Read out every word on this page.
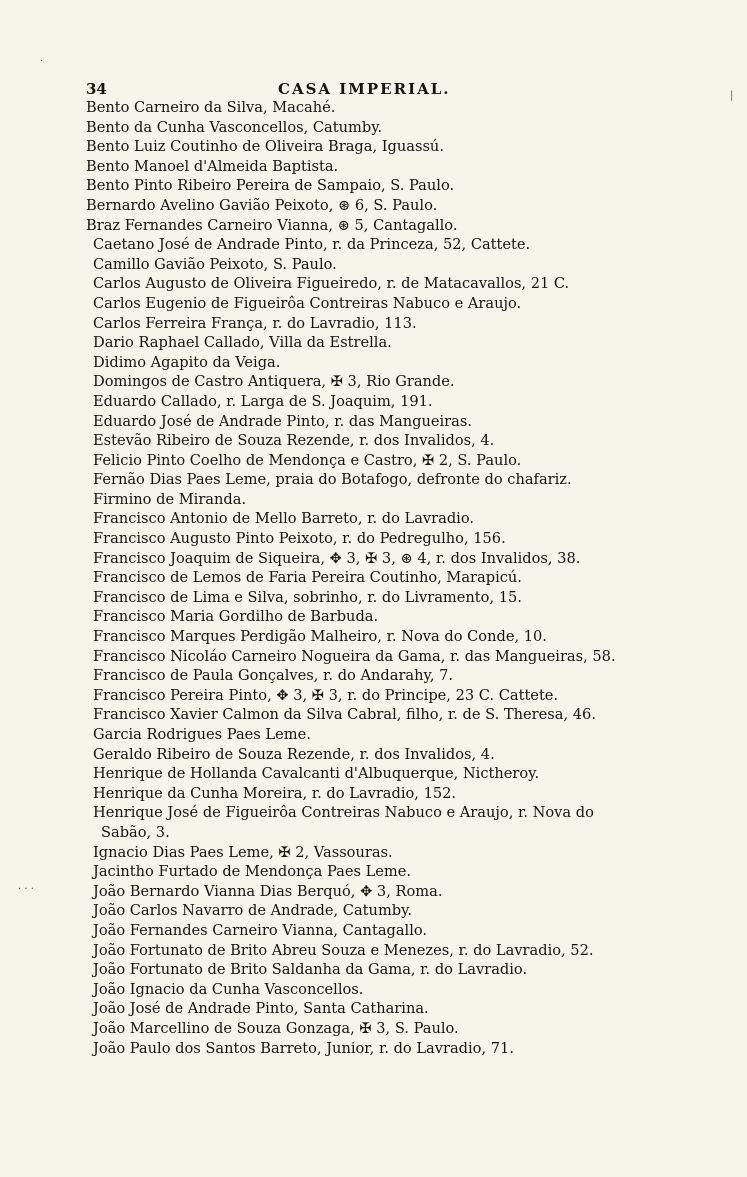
34	CASA IMPERIAL.
Bento Carneiro da Silva, Macahé.
Bento da Cunha Vasconcellos, Catumby.
Bento Luiz Coutinho de Oliveira Braga, Iguassú.
Bento Manoel d'Almeida Baptista.
Bento Pinto Ribeiro Pereira de Sampaio, S. Paulo.
Bernardo Avelino Gavião Peixoto, ⊛ 6, S. Paulo.
Braz Fernandes Carneiro Vianna, ⊛ 5, Cantagallo.
Caetano José de Andrade Pinto, r. da Princeza, 52, Cattete.
Camillo Gavião Peixoto, S. Paulo.
Carlos Augusto de Oliveira Figueiredo, r. de Matacavallos, 21 C.
Carlos Eugenio de Figueirôa Contreiras Nabuco e Araujo.
Carlos Ferreira França, r. do Lavradio, 113.
Dario Raphael Callado, Villa da Estrella.
Didimo Agapito da Veiga.
Domingos de Castro Antiquera, ✠ 3, Rio Grande.
Eduardo Callado, r. Larga de S. Joaquim, 191.
Eduardo José de Andrade Pinto, r. das Mangueiras.
Estevão Ribeiro de Souza Rezende, r. dos Invalidos, 4.
Felicio Pinto Coelho de Mendonça e Castro, ✠ 2, S. Paulo.
Fernão Dias Paes Leme, praia do Botafogo, defronte do chafariz.
Firmino de Miranda.
Francisco Antonio de Mello Barreto, r. do Lavradio.
Francisco Augusto Pinto Peixoto, r. do Pedregulho, 156.
Francisco Joaquim de Siqueira, ✥ 3, ✠ 3, ⊛ 4, r. dos Invalidos, 38.
Francisco de Lemos de Faria Pereira Coutinho, Marapicú.
Francisco de Lima e Silva, sobrinho, r. do Livramento, 15.
Francisco Maria Gordilho de Barbuda.
Francisco Marques Perdigão Malheiro, r. Nova do Conde, 10.
Francisco Nicoláo Carneiro Nogueira da Gama, r. das Mangueiras, 58.
Francisco de Paula Gonçalves, r. do Andarahy, 7.
Francisco Pereira Pinto, ✥ 3, ✠ 3, r. do Principe, 23 C. Cattete.
Francisco Xavier Calmon da Silva Cabral, filho, r. de S. Theresa, 46.
Garcia Rodrigues Paes Leme.
Geraldo Ribeiro de Souza Rezende, r. dos Invalidos, 4.
Henrique de Hollanda Cavalcanti d'Albuquerque, Nictheroy.
Henrique da Cunha Moreira, r. do Lavradio, 152.
Henrique José de Figueirôa Contreiras Nabuco e Araujo, r. Nova do
Sabão, 3.
Ignacio Dias Paes Leme, ✠ 2, Vassouras.
Jacintho Furtado de Mendonça Paes Leme.
João Bernardo Vianna Dias Berquó, ✥ 3, Roma.
João Carlos Navarro de Andrade, Catumby.
João Fernandes Carneiro Vianna, Cantagallo.
João Fortunato de Brito Abreu Souza e Menezes, r. do Lavradio, 52.
João Fortunato de Brito Saldanha da Gama, r. do Lavradio.
João Ignacio da Cunha Vasconcellos.
João José de Andrade Pinto, Santa Catharina.
João Marcellino de Souza Gonzaga, ✠ 3, S. Paulo.
João Paulo dos Santos Barreto, Junior, r. do Lavradio, 71.
·
|
· · ·
